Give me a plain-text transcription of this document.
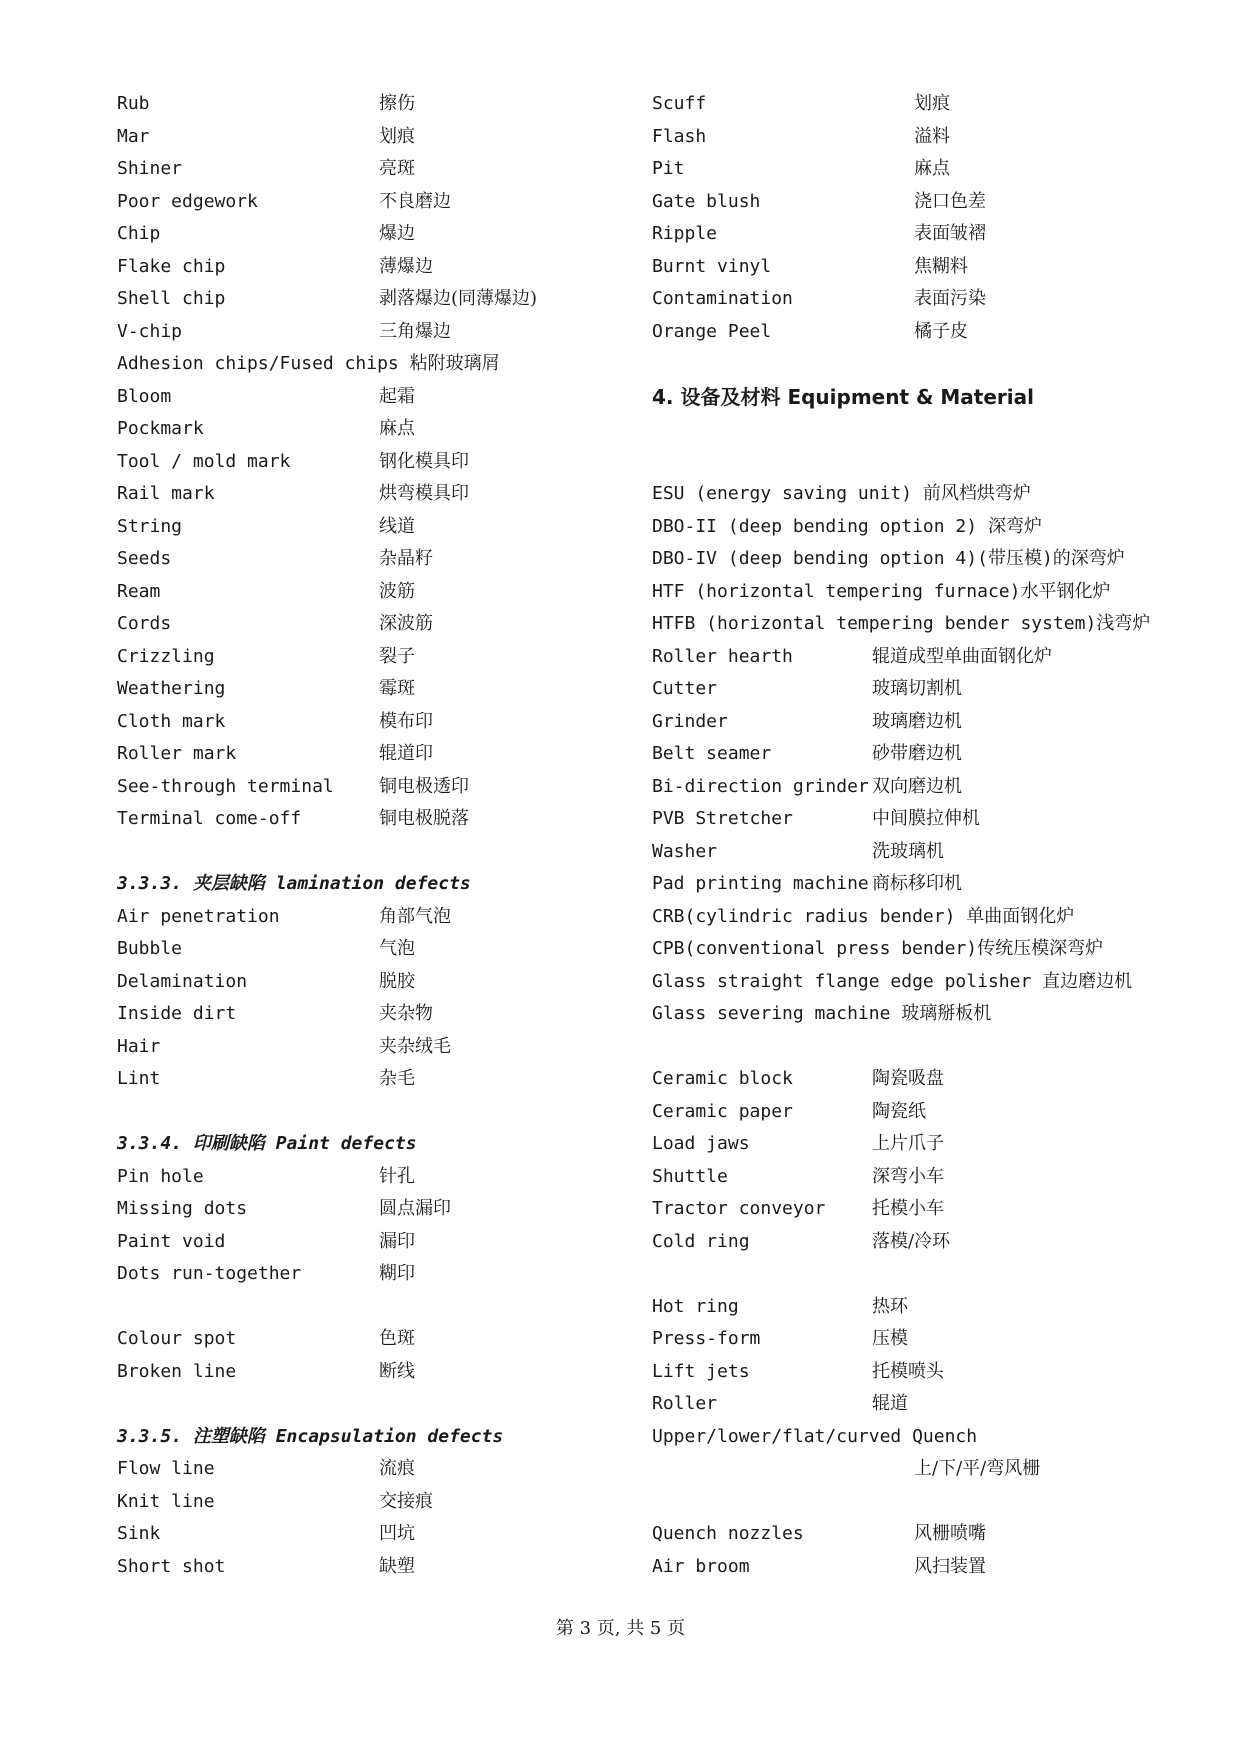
Rub	擦伤
Mar	划痕
Shiner	亮斑
Poor edgework	不良磨边
Chip	爆边
Flake chip	薄爆边
Shell chip	剥落爆边(同薄爆边)
V-chip	三角爆边
Adhesion chips/Fused chips 粘附玻璃屑
Bloom	起霜
Pockmark	麻点
Tool / mold mark	钢化模具印
Rail mark	烘弯模具印
String	线道
Seeds	杂晶籽
Ream	波筋
Cords	深波筋
Crizzling	裂子
Weathering	霉斑
Cloth mark	模布印
Roller mark	辊道印
See-through terminal	铜电极透印
Terminal come-off	铜电极脱落
3.3.3. 夹层缺陷 lamination defects
Air penetration	角部气泡
Bubble	气泡
Delamination	脱胶
Inside dirt	夹杂物
Hair	夹杂绒毛
Lint	杂毛
3.3.4. 印刷缺陷 Paint defects
Pin hole	针孔
Missing dots	圆点漏印
Paint void	漏印
Dots run-together	糊印
Colour spot	色斑
Broken line	断线
3.3.5. 注塑缺陷 Encapsulation defects
Flow line	流痕
Knit line	交接痕
Sink	凹坑
Short shot	缺塑
Scuff	划痕
Flash	溢料
Pit	麻点
Gate blush	浇口色差
Ripple	表面皱褶
Burnt vinyl	焦糊料
Contamination	表面污染
Orange Peel	橘子皮
4. 设备及材料 Equipment & Material
ESU (energy saving unit) 前风档烘弯炉
DBO-II (deep bending option 2) 深弯炉
DBO-IV (deep bending option 4)(带压模)的深弯炉
HTF (horizontal tempering furnace)水平钢化炉
HTFB (horizontal tempering bender system)浅弯炉
Roller hearth	辊道成型单曲面钢化炉
Cutter	玻璃切割机
Grinder	玻璃磨边机
Belt seamer	砂带磨边机
Bi-direction grinder 双向磨边机
PVB Stretcher	中间膜拉伸机
Washer	洗玻璃机
Pad printing machine 商标移印机
CRB(cylindric radius bender) 单曲面钢化炉
CPB(conventional press bender)传统压模深弯炉
Glass straight flange edge polisher 直边磨边机
Glass severing machine 玻璃掰板机
Ceramic block	陶瓷吸盘
Ceramic paper	陶瓷纸
Load jaws	上片爪子
Shuttle	深弯小车
Tractor conveyor	托模小车
Cold ring	落模/冷环
Hot ring	热环
Press-form	压模
Lift jets	托模喷头
Roller	辊道
Upper/lower/flat/curved Quench
上/下/平/弯风栅
Quench nozzles	风栅喷嘴
Air broom	风扫装置
第 3 页, 共 5 页
